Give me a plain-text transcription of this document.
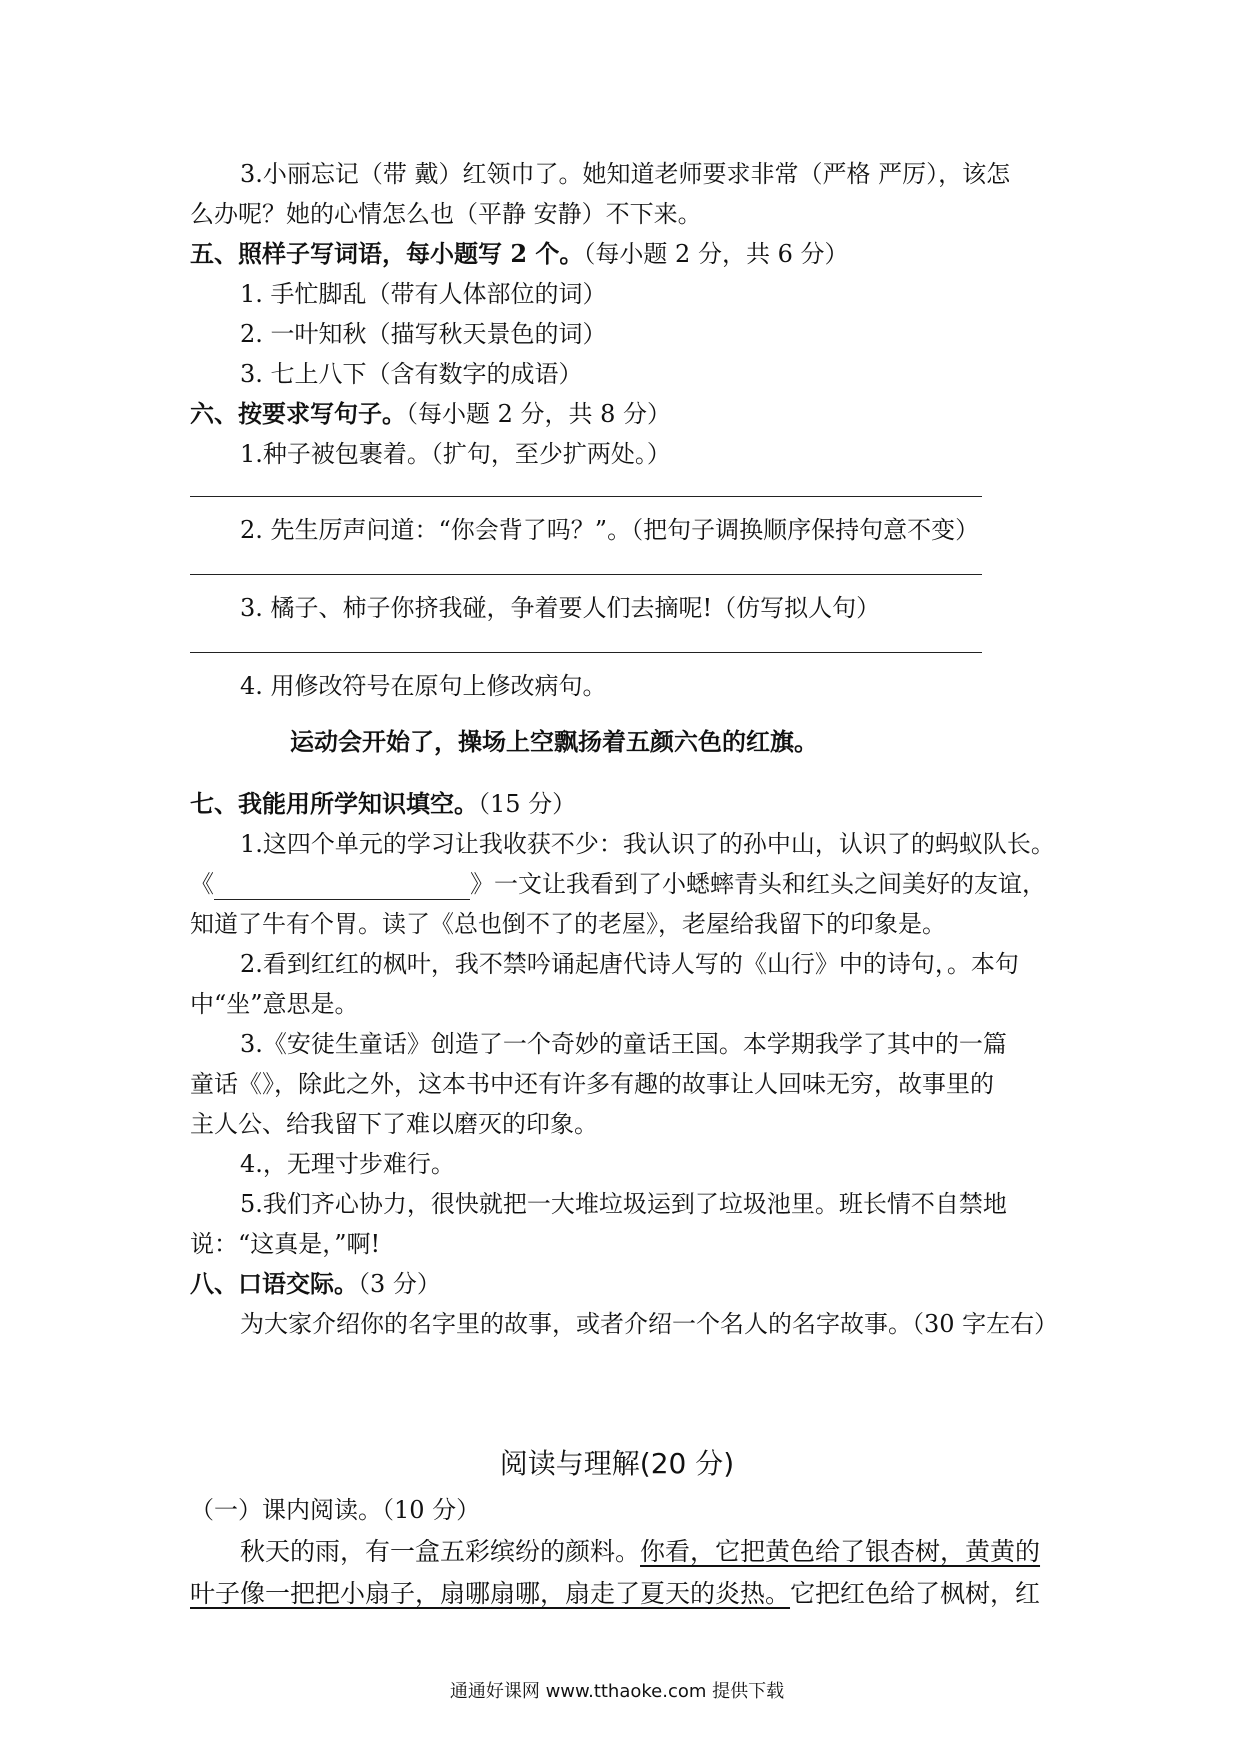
3.小丽忘记（带 戴）红领巾了。她知道老师要求非常（严格 严厉），该怎
么办呢？她的心情怎么也（平静 安静）不下来。
五、照样子写词语，每小题写 2 个。（每小题 2 分，共 6 分）
1. 手忙脚乱（带有人体部位的词）
2. 一叶知秋（描写秋天景色的词）
3. 七上八下（含有数字的成语）
六、按要求写句子。（每小题 2 分，共 8 分）
1.种子被包裹着。（扩句，至少扩两处。）
2. 先生厉声问道：“你会背了吗？”。（把句子调换顺序保持句意不变）
3. 橘子、柿子你挤我碰，争着要人们去摘呢!（仿写拟人句）
4. 用修改符号在原句上修改病句。
运动会开始了，操场上空飘扬着五颜六色的红旗。
七、我能用所学知识填空。（15 分）
1.这四个单元的学习让我收获不少：我认识了的孙中山，认识了的蚂蚁队长。
《	》一文让我看到了小蟋蟀青头和红头之间美好的友谊，
知道了牛有个胃。读了《总也倒不了的老屋》，老屋给我留下的印象是。
2.看到红红的枫叶，我不禁吟诵起唐代诗人写的《山行》中的诗句，。本句
中“坐”意思是。
3.《安徒生童话》创造了一个奇妙的童话王国。本学期我学了其中的一篇
童话《》，除此之外，这本书中还有许多有趣的故事让人回味无穷，故事里的
主人公、给我留下了难以磨灭的印象。
4.，无理寸步难行。
5.我们齐心协力，很快就把一大堆垃圾运到了垃圾池里。班长情不自禁地
说：“这真是，”啊!
八、口语交际。（3 分）
为大家介绍你的名字里的故事，或者介绍一个名人的名字故事。（30 字左右）
阅读与理解(20 分)
（一）课内阅读。（10 分）
秋天的雨，有一盒五彩缤纷的颜料。你看，它把黄色给了银杏树，黄黄的
叶子像一把把小扇子，扇哪扇哪，扇走了夏天的炎热。它把红色给了枫树，红
通通好课网 www.tthaoke.com 提供下载
